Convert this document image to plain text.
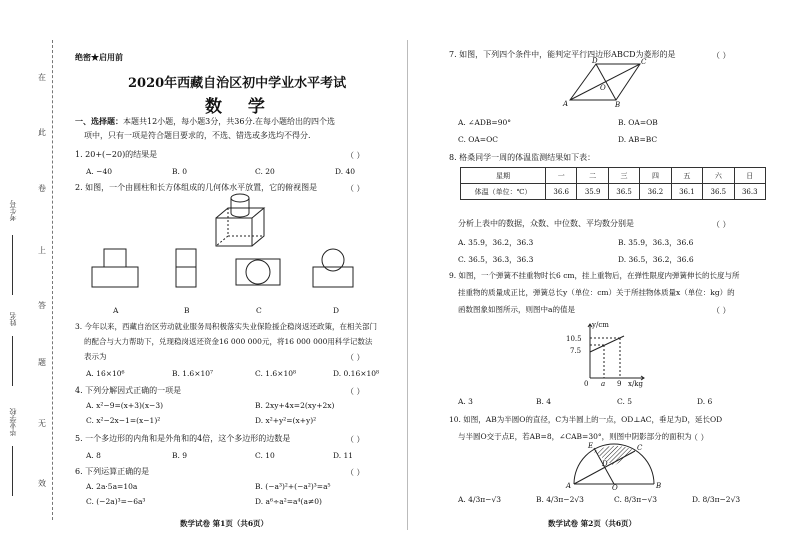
在
此
卷
上
答
题
无
效
考生号
姓名
毕业学校
绝密★启用前
2020年西藏自治区初中学业水平考试
数 学
一、选择题：本题共12小题，每小题3分，共36分.在每小题给出的四个选
项中，只有一项是符合题目要求的，不选、错选或多选均不得分.
1. 20+(−20)的结果是	（ ）
A. −40	B. 0	C. 20	D. 40
2. 如图，一个由圆柱和长方体组成的几何体水平放置，它的俯视图是	（ ）
A	B	C	D
3. 今年以来，西藏自治区劳动就业服务局积极落实失业保险援企稳岗返还政策，在相关部门
的配合与大力帮助下，兑现稳岗返还资金16 000 000元，将16 000 000用科学记数法
表示为	（ ）
A. 16×10⁶	B. 1.6×10⁷	C. 1.6×10⁸	D. 0.16×10⁸
4. 下列分解因式正确的一项是	（ ）
A. x²−9=(x+3)(x−3)	B. 2xy+4x=2(xy+2x)
C. x²−2x−1=(x−1)²	D. x²+y²=(x+y)²
5. 一个多边形的内角和是外角和的4倍，这个多边形的边数是	（ ）
A. 8	B. 9	C. 10	D. 11
6. 下列运算正确的是	（ ）
A. 2a·5a=10a	B. (−a³)²+(−a²)³=a⁵
C. (−2a)³=−6a³	D. a⁶÷a²=a⁴(a≠0)
数学试卷 第1页（共6页）
7. 如图，下列四个条件中，能判定平行四边形ABCD为菱形的是	（ ）
A	B
C
D
O
A. ∠ADB=90°	B. OA=OB
C. OA=OC	D. AB=BC
8. 格桑同学一周的体温监测结果如下表：
星期	一	二	三	四	五	六	日
体温（单位：℃）	36.6	35.9	36.5	36.2	36.1	36.5	36.3
分析上表中的数据，众数、中位数、平均数分别是	（ ）
A. 35.9，36.2，36.3	B. 35.9，36.3，36.6
C. 36.5，36.3，36.3	D. 36.5，36.2，36.6
9. 如图，一个弹簧不挂重物时长6 cm，挂上重物后，在弹性限度内弹簧伸长的长度与所
挂重物的质量成正比，弹簧总长y（单位：cm）关于所挂物体质量x（单位：kg）的
函数图象如图所示，则图中a的值是	（ ）
y/cm
10.5
7.5
0 a 9 x/kg
A. 3	B. 4	C. 5	D. 6
10. 如图，AB为半圆O的直径，C为半圆上的一点，OD⊥AC，垂足为D，延长OD
与半圆O交于点E，若AB=8，∠CAB=30°，则图中阴影部分的面积为
（ ）
A	B
C
E
D
O
A. 4/3π−√3	B. 4/3π−2√3	C. 8/3π−√3	D. 8/3π−2√3
数学试卷 第2页（共6页）
